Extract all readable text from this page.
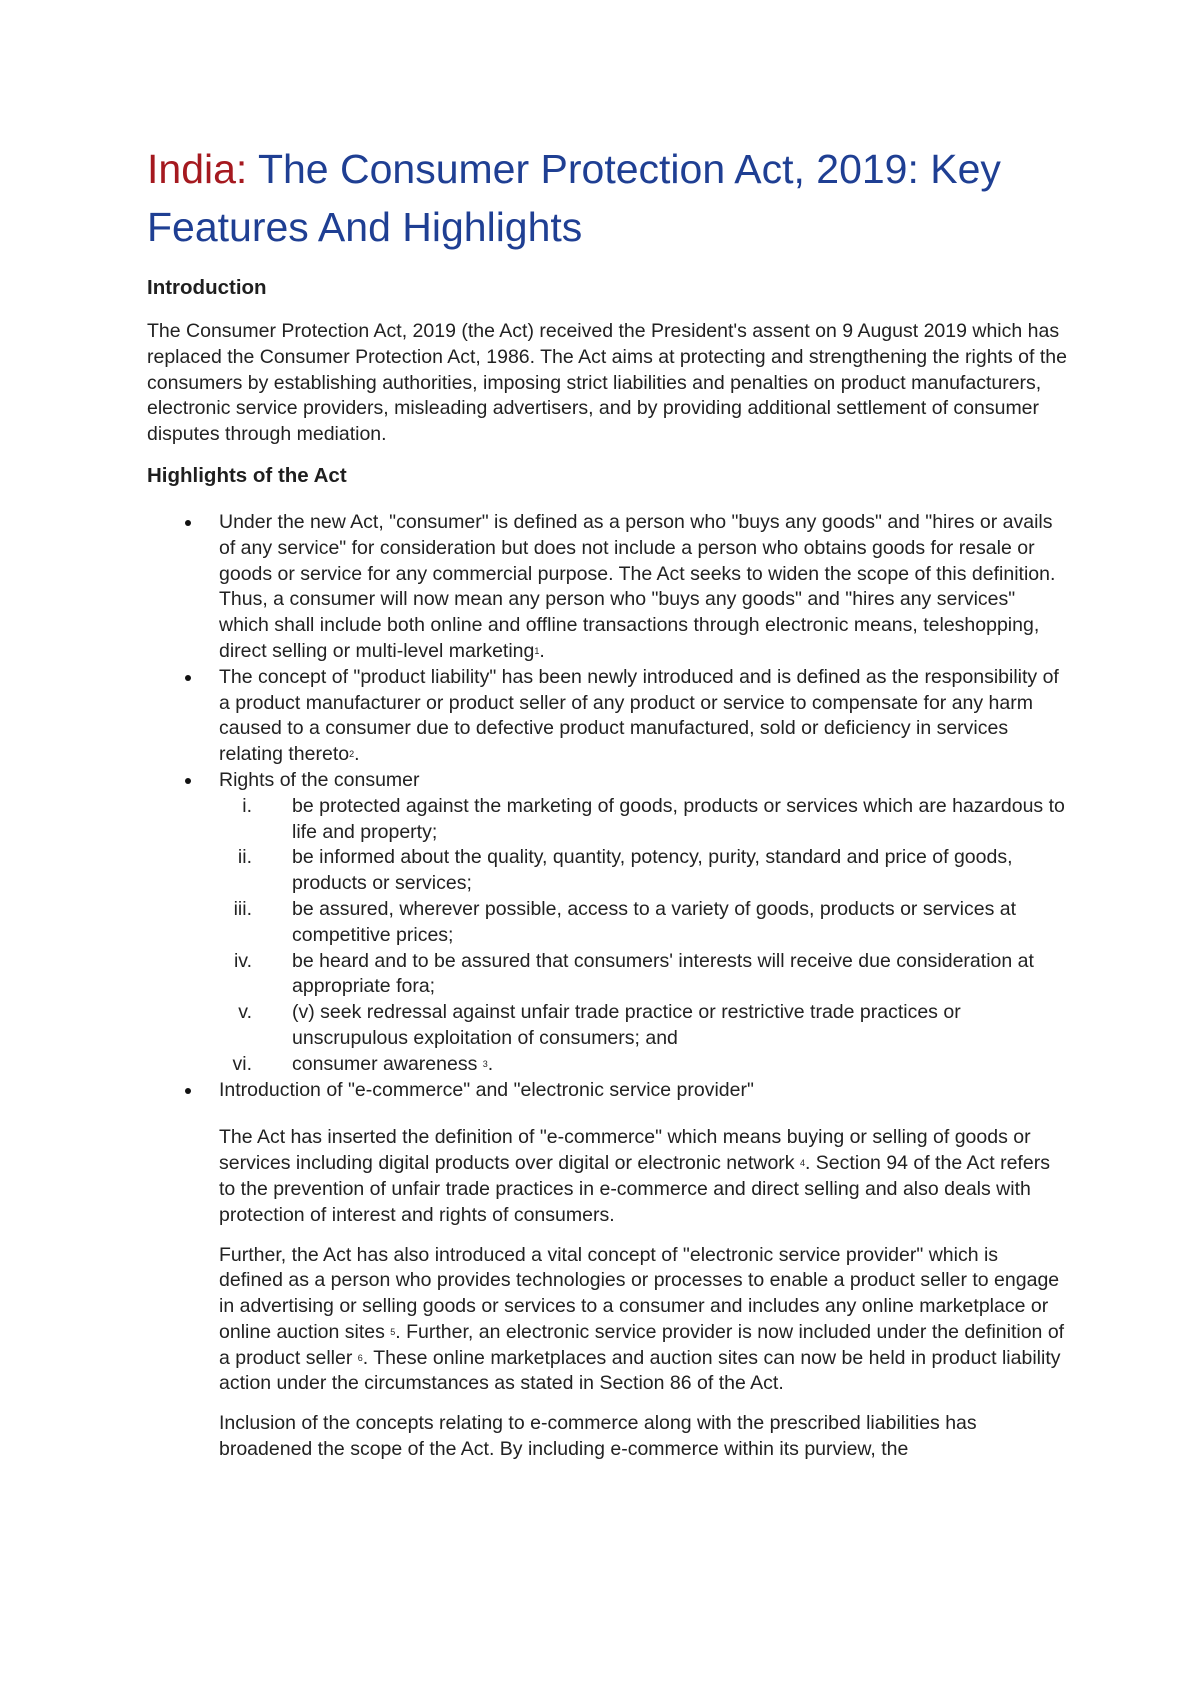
India: The Consumer Protection Act, 2019: Key Features And Highlights
Introduction

The Consumer Protection Act, 2019 (the Act) received the President's assent on 9 August 2019 which has replaced the Consumer Protection Act, 1986. The Act aims at protecting and strengthening the rights of the consumers by establishing authorities, imposing strict liabilities and penalties on product manufacturers, electronic service providers, misleading advertisers, and by providing additional settlement of consumer disputes through mediation.

Highlights of the Act
Under the new Act, "consumer" is defined as a person who "buys any goods" and "hires or avails of any service" for consideration but does not include a person who obtains goods for resale or goods or service for any commercial purpose. The Act seeks to widen the scope of this definition. Thus, a consumer will now mean any person who "buys any goods" and "hires any services" which shall include both online and offline transactions through electronic means, teleshopping, direct selling or multi-level marketing$^1$.
The concept of "product liability" has been newly introduced and is defined as the responsibility of a product manufacturer or product seller of any product or service to compensate for any harm caused to a consumer due to defective product manufactured, sold or deficiency in services relating thereto$^2$.
Rights of the consumer
i. be protected against the marketing of goods, products or services which are hazardous to life and property;
ii. be informed about the quality, quantity, potency, purity, standard and price of goods, products or services;
iii. be assured, wherever possible, access to a variety of goods, products or services at competitive prices;
iv. be heard and to be assured that consumers' interests will receive due consideration at appropriate fora;
v. (v) seek redressal against unfair trade practice or restrictive trade practices or unscrupulous exploitation of consumers; and
vi. consumer awareness $^3$.
Introduction of "e-commerce" and "electronic service provider"

The Act has inserted the definition of "e-commerce" which means buying or selling of goods or services including digital products over digital or electronic network $^4$. Section 94 of the Act refers to the prevention of unfair trade practices in e-commerce and direct selling and also deals with protection of interest and rights of consumers.

Further, the Act has also introduced a vital concept of "electronic service provider" which is defined as a person who provides technologies or processes to enable a product seller to engage in advertising or selling goods or services to a consumer and includes any online marketplace or online auction sites $^5$. Further, an electronic service provider is now included under the definition of a product seller $^6$. These online marketplaces and auction sites can now be held in product liability action under the circumstances as stated in Section 86 of the Act.

Inclusion of the concepts relating to e-commerce along with the prescribed liabilities has broadened the scope of the Act. By including e-commerce within its purview, the
